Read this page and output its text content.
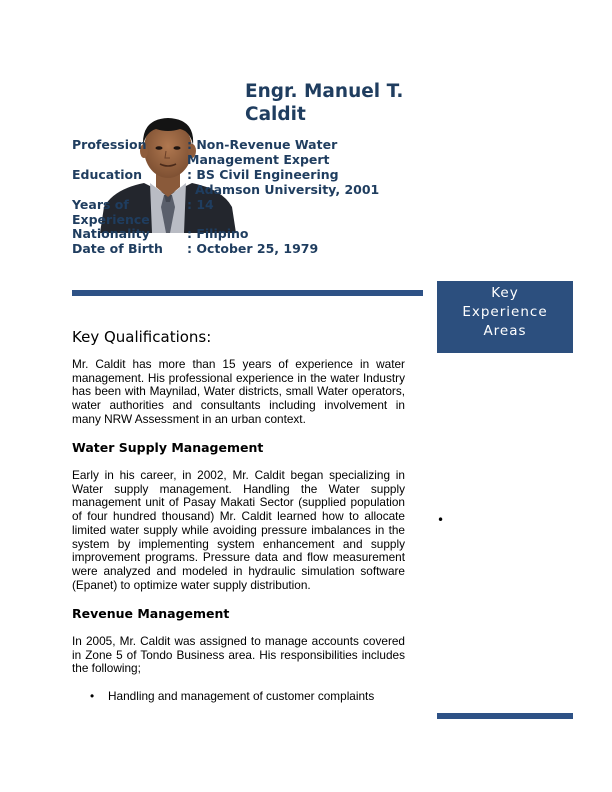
Engr. Manuel T.
Caldit
Profession	: Non-Revenue Water
Management Expert
Education	: BS Civil Engineering
Adamson University, 2001
Years of
Experience
: 14
Nationality	: Filipino
Date of Birth : October 25, 1979
Key
Experience
Areas
•
Key Qualifications:

Mr. Caldit has more than 15 years of experience in water management. His professional experience in the water Industry has been with Maynilad, Water districts, small Water operators, water authorities and consultants including involvement in many NRW Assessment in an urban context.

Water Supply Management

Early in his career, in 2002, Mr. Caldit began specializing in Water supply management. Handling the Water supply management unit of Pasay Makati Sector (supplied population of four hundred thousand) Mr. Caldit learned how to allocate limited water supply while avoiding pressure imbalances in the system by implementing system enhancement and supply improvement programs. Pressure data and flow measurement were analyzed and modeled in hydraulic simulation software (Epanet) to optimize water supply distribution.

Revenue Management

In 2005, Mr. Caldit was assigned to manage accounts covered in Zone 5 of Tondo Business area. His responsibilities includes the following;

• Handling and management of customer complaints
